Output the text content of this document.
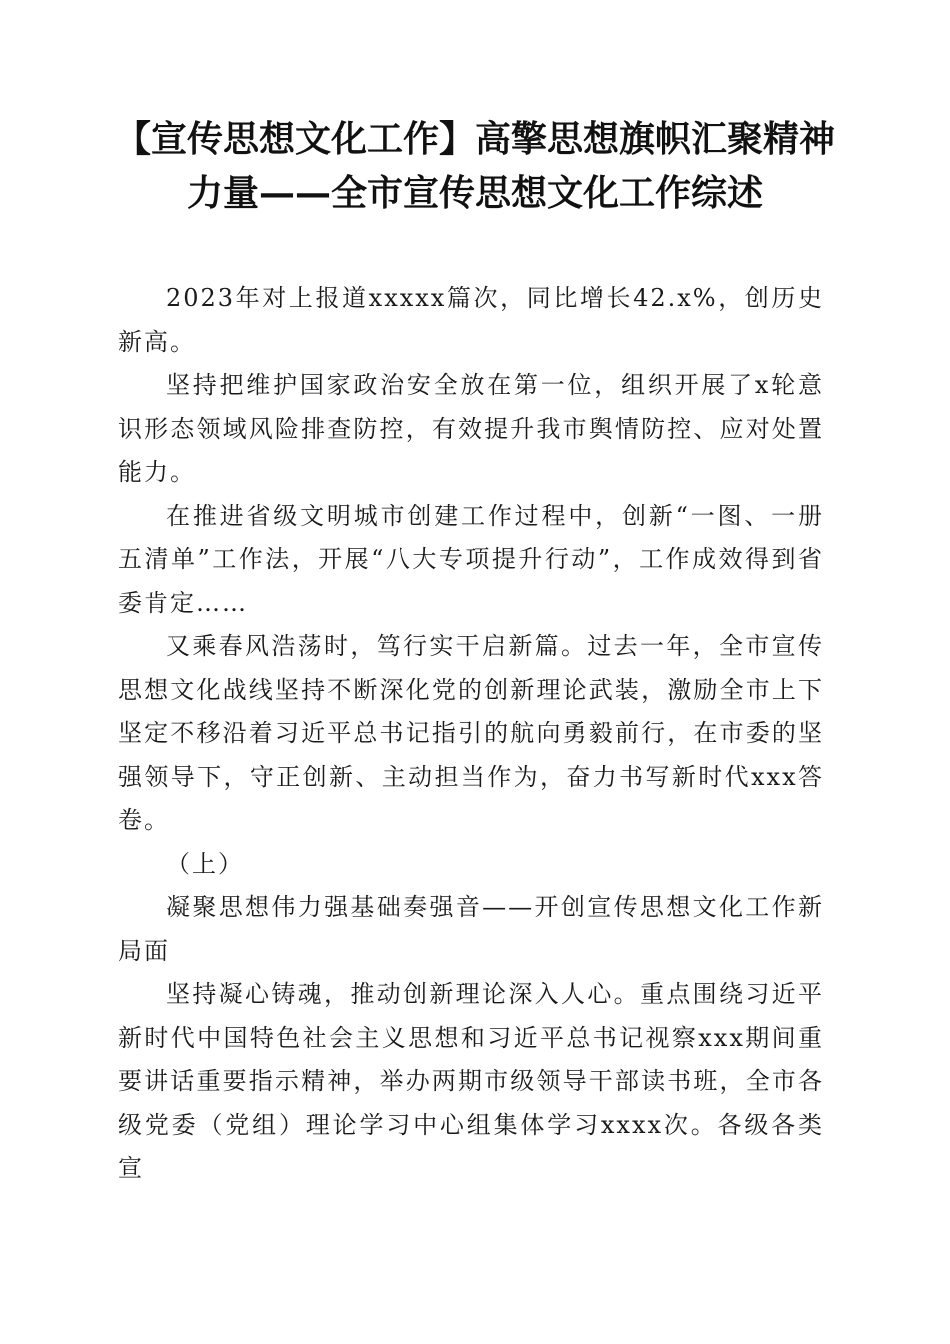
【宣传思想文化工作】高擎思想旗帜汇聚精神力量——全市宣传思想文化工作综述

2023年对上报道xxxxx篇次，同比增长42.x%，创历史新高。

坚持把维护国家政治安全放在第一位，组织开展了x轮意识形态领域风险排查防控，有效提升我市舆情防控、应对处置能力。

在推进省级文明城市创建工作过程中，创新“一图、一册五清单”工作法，开展“八大专项提升行动”，工作成效得到省委肯定……

又乘春风浩荡时，笃行实干启新篇。过去一年，全市宣传思想文化战线坚持不断深化党的创新理论武装，激励全市上下坚定不移沿着习近平总书记指引的航向勇毅前行，在市委的坚强领导下，守正创新、主动担当作为，奋力书写新时代xxx答卷。

（上）

凝聚思想伟力强基础奏强音——开创宣传思想文化工作新局面

坚持凝心铸魂，推动创新理论深入人心。重点围绕习近平新时代中国特色社会主义思想和习近平总书记视察xxx期间重要讲话重要指示精神，举办两期市级领导干部读书班，全市各级党委（党组）理论学习中心组集体学习xxxx次。各级各类宣
